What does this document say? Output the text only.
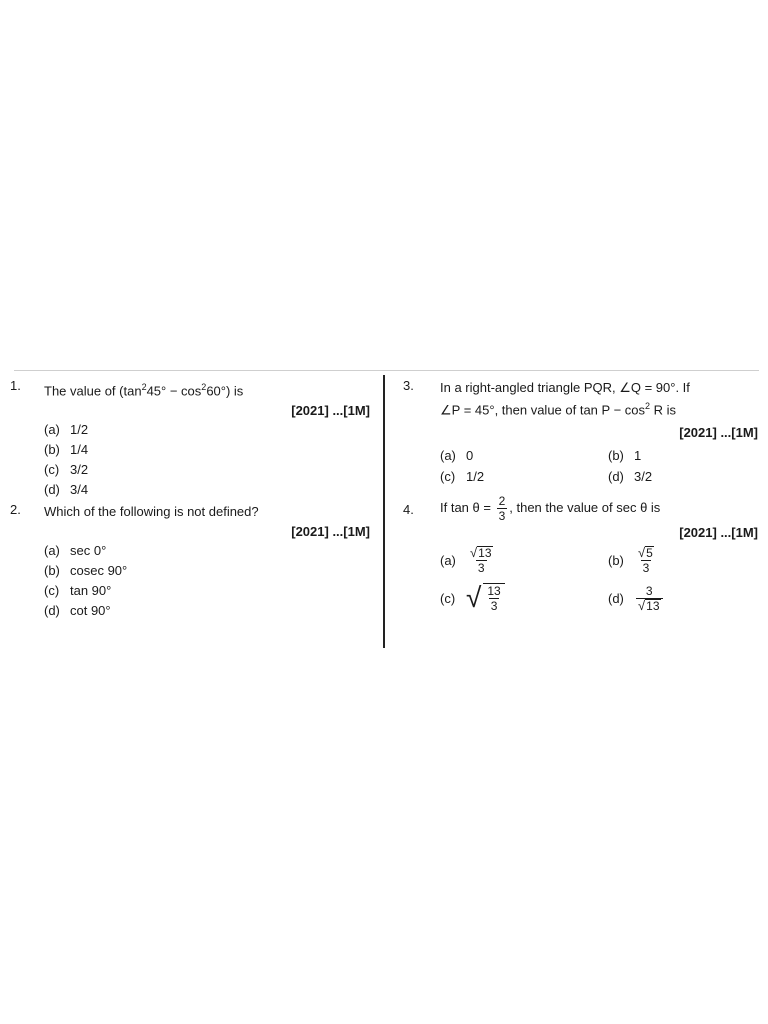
1. The value of $(\tan^245^\circ - \cos^260^\circ)$ is
[2021] ...[1M]
(a) 1/2
(b) 1/4
(c) 3/2
(d) 3/4
2. Which of the following is not defined?
[2021] ...[1M]
(a) sec 0°
(b) cosec 90°
(c) tan 90°
(d) cot 90°
3. In a right-angled triangle PQR, ∠Q = 90°. If
∠P = 45°, then value of $\tan P - \cos^2 R$ is
[2021] ...[1M]
(a) 0	(b) 1
(c) 1/2	(d) 3/2
4. If $\tan \theta = \frac{2}{3}$ , then the value of sec θ is
[2021] ...[1M]
$(a) \frac{√ 13}{3}$	$(b) \frac{√ 5}{3}$
(c) √ $\frac{13}{3}$	(d)	$\frac{3}{√ 13}$
